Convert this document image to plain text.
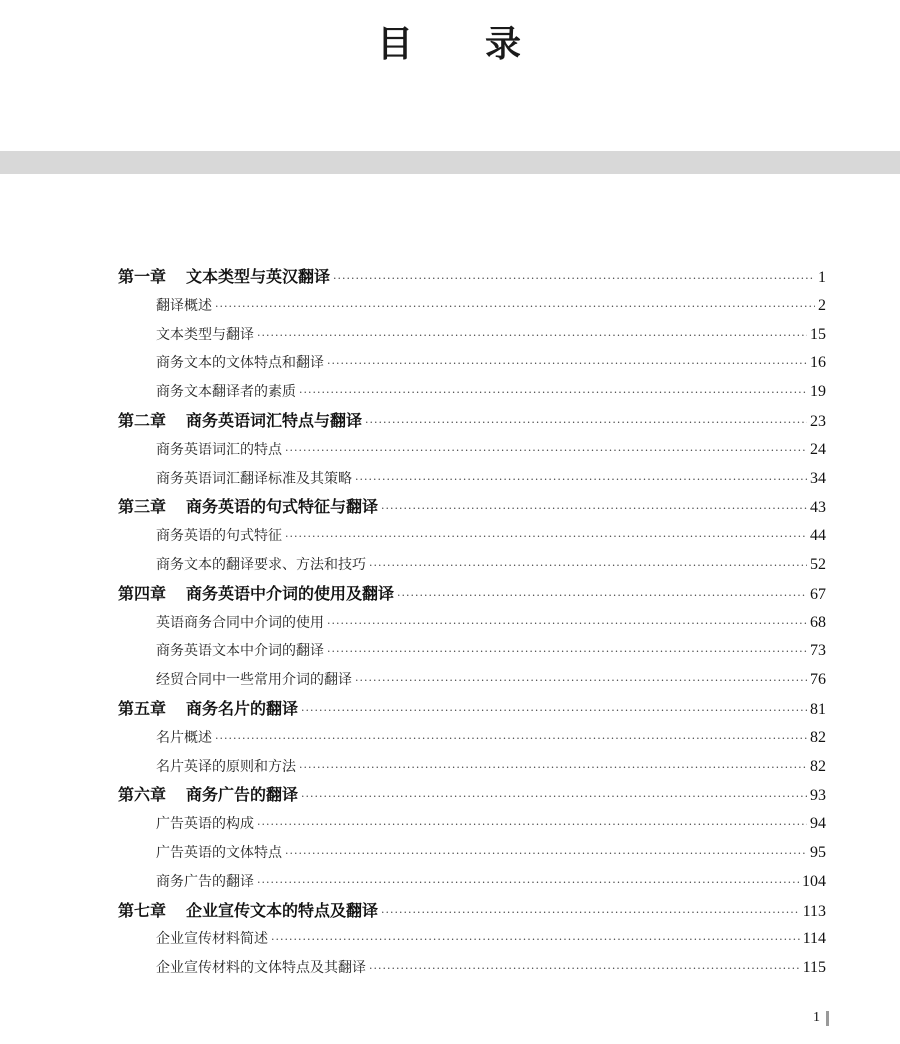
目 录
第一章 文本类型与英汉翻译 ·····	1
翻译概述 ·····	2
文本类型与翻译 ·····	15
商务文本的文体特点和翻译 ·····	16
商务文本翻译者的素质 ·····	19
第二章 商务英语词汇特点与翻译 ·····	23
商务英语词汇的特点 ·····	24
商务英语词汇翻译标准及其策略 ·····	34
第三章 商务英语的句式特征与翻译 ·····	43
商务英语的句式特征 ·····	44
商务文本的翻译要求、方法和技巧 ·····	52
第四章 商务英语中介词的使用及翻译 ·····	67
英语商务合同中介词的使用 ·····	68
商务英语文本中介词的翻译 ·····	73
经贸合同中一些常用介词的翻译 ·····	76
第五章 商务名片的翻译 ·····	81
名片概述 ·····	82
名片英译的原则和方法 ·····	82
第六章 商务广告的翻译 ·····	93
广告英语的构成 ·····	94
广告英语的文体特点 ·····	95
商务广告的翻译 ·····	104
第七章 企业宣传文本的特点及翻译 ·····	113
企业宣传材料简述 ·····	114
企业宣传材料的文体特点及其翻译 ·····	115
1
